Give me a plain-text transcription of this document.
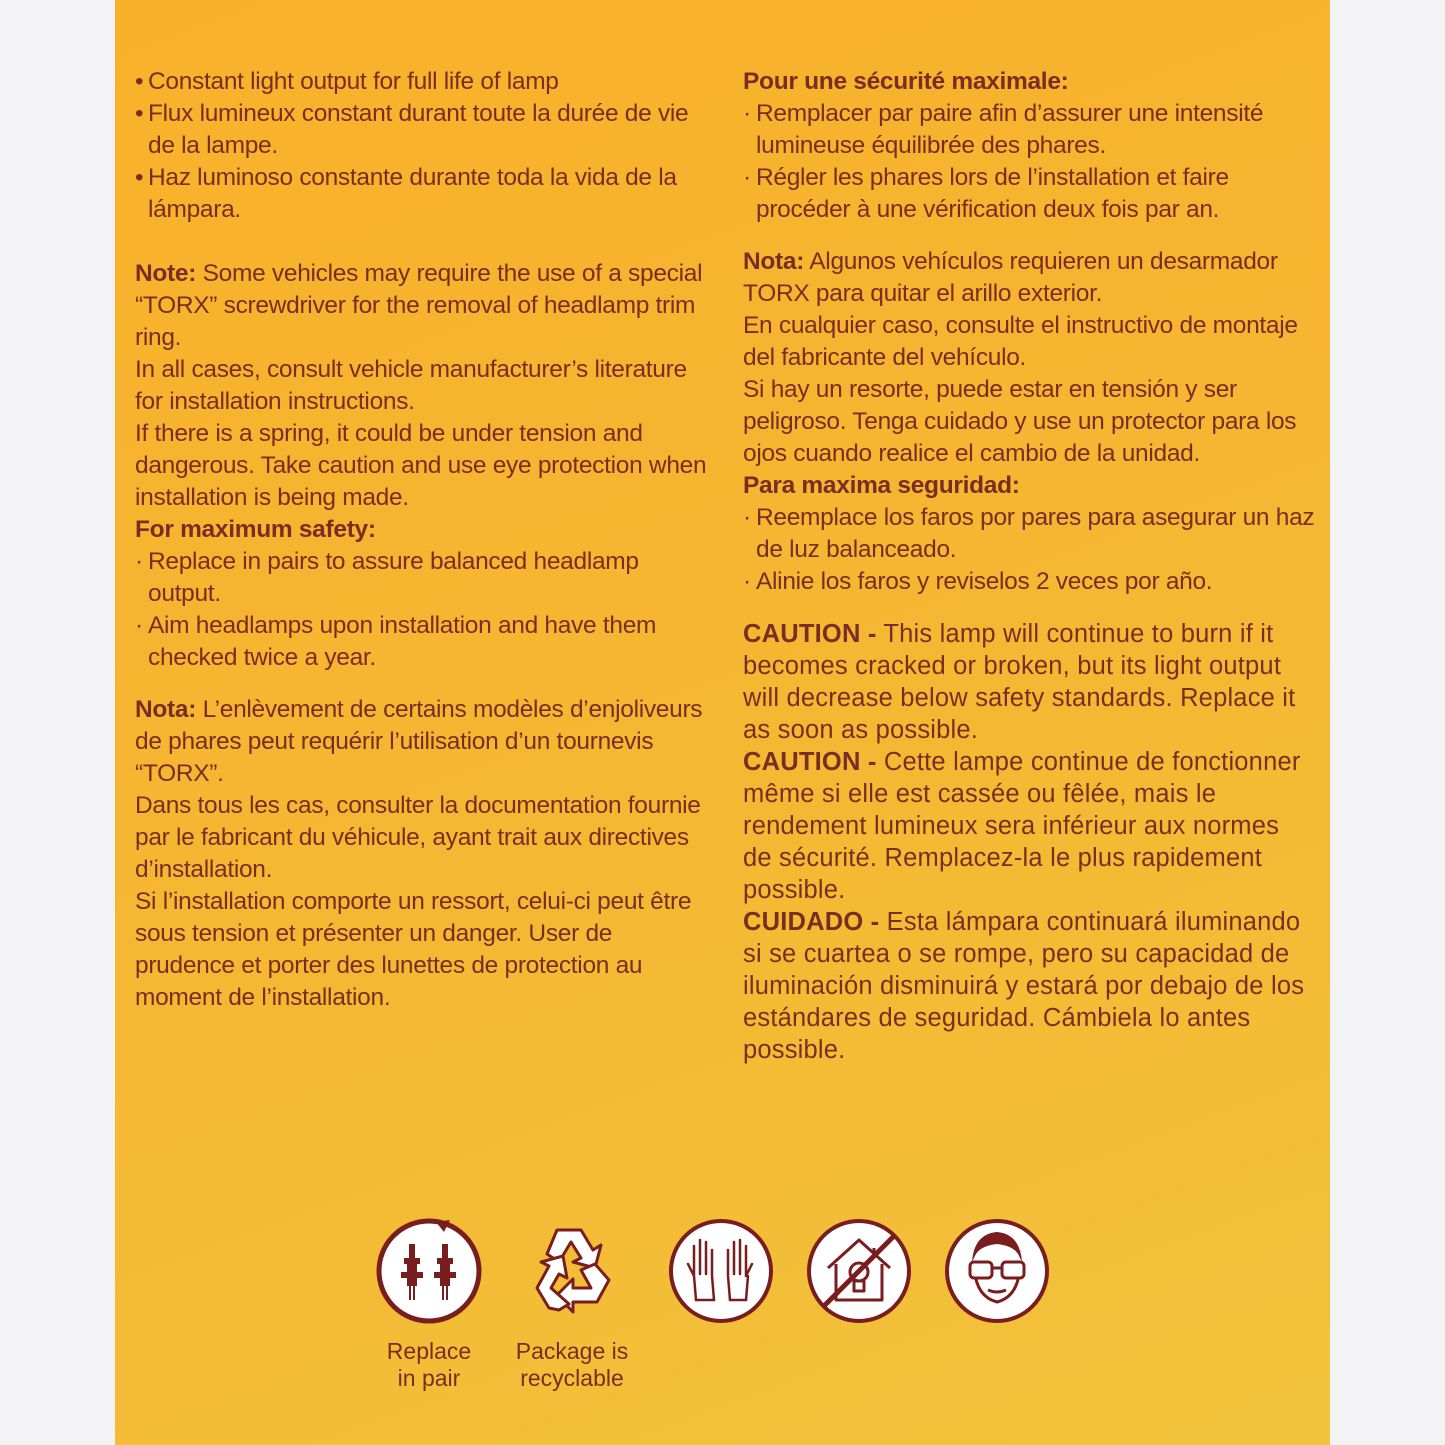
• Constant light output for full life of lamp

• Flux lumineux constant durant toute la durée de vie de la lampe.

• Haz luminoso constante durante toda la vida de la lámpara.

Note: Some vehicles may require the use of a special “TORX” screwdriver for the removal of headlamp trim ring.

In all cases, consult vehicle manufacturer’s literature for installation instructions.

If there is a spring, it could be under tension and dangerous. Take caution and use eye protection when installation is being made.

For maximum safety:

· Replace in pairs to assure balanced headlamp output.

· Aim headlamps upon installation and have them checked twice a year.

Nota: L’enlèvement de certains modèles d’enjoliveurs de phares peut requérir l’utilisation d’un tournevis “TORX”.

Dans tous les cas, consulter la documentation fournie par le fabricant du véhicule, ayant trait aux directives d’installation.

Si l’installation comporte un ressort, celui-ci peut être sous tension et présenter un danger. User de prudence et porter des lunettes de protection au moment de l’installation.

Pour une sécurité maximale:

· Remplacer par paire afin d’assurer une intensité lumineuse équilibrée des phares.

· Régler les phares lors de l’installation et faire procéder à une vérification deux fois par an.

Nota: Algunos vehículos requieren un desarmador TORX para quitar el arillo exterior.

En cualquier caso, consulte el instructivo de montaje del fabricante del vehículo.

Si hay un resorte, puede estar en tensión y ser peligroso. Tenga cuidado y use un protector para los ojos cuando realice el cambio de la unidad.

Para maxima seguridad:

· Reemplace los faros por pares para asegurar un haz de luz balanceado.

· Alinie los faros y reviselos 2 veces por año.

CAUTION - This lamp will continue to burn if it becomes cracked or broken, but its light output will decrease below safety standards. Replace it as soon as possible.

CAUTION - Cette lampe continue de fonctionner même si elle est cassée ou fêlée, mais le rendement lumineux sera inférieur aux normes de sécurité. Remplacez-la le plus rapidement possible.

CUIDADO - Esta lámpara continuará iluminando si se cuartea o se rompe, pero su capacidad de iluminación disminuirá y estará por debajo de los estándares de seguridad. Cámbiela lo antes possible.

Replace
in pair
Package is
recyclable
